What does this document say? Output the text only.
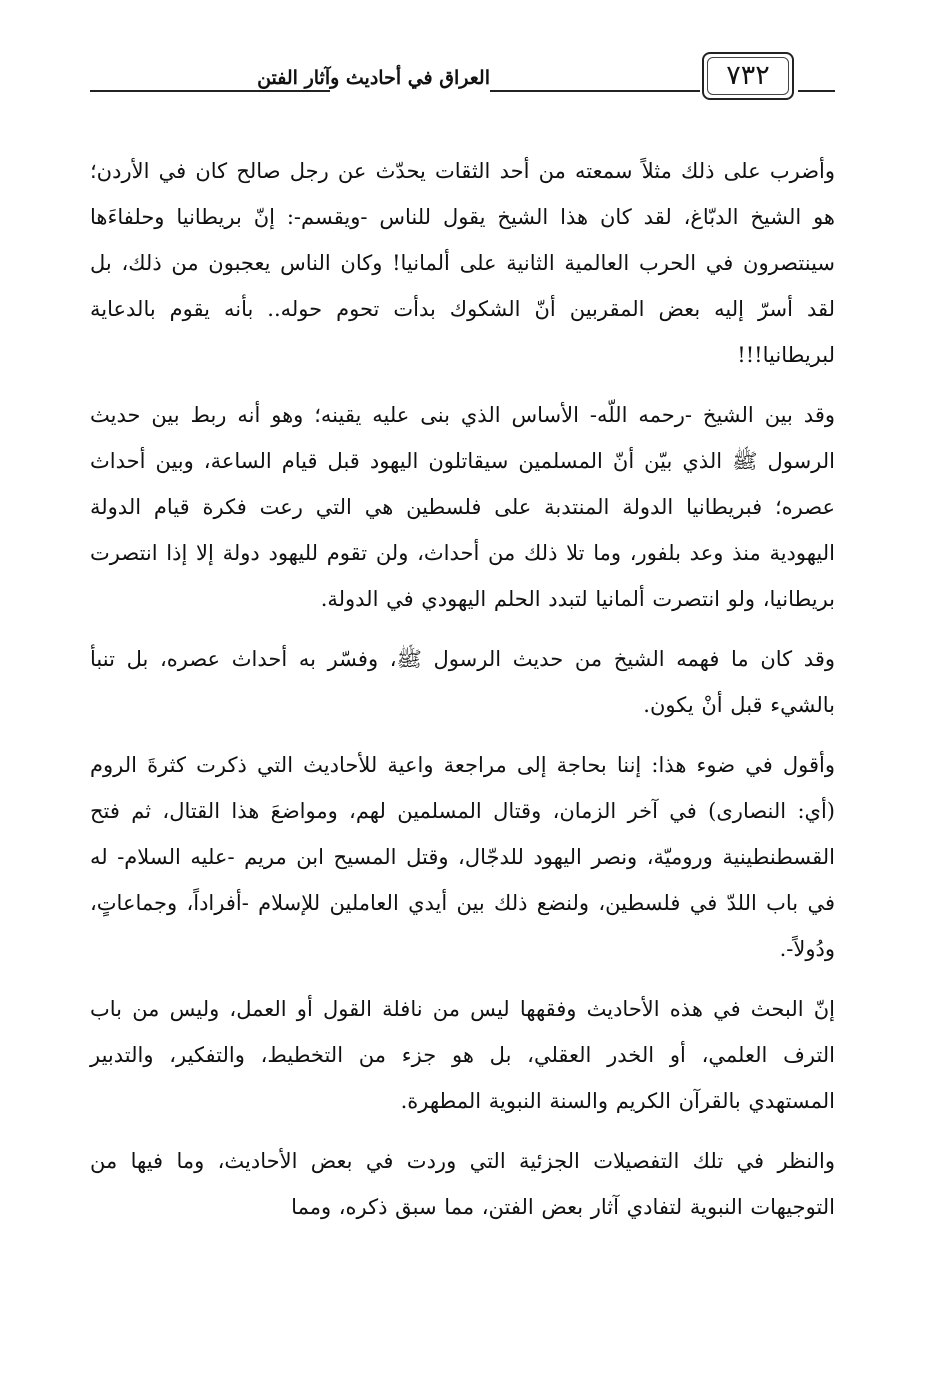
العراق في أحاديث وآثار الفتن	٧٣٢

وأضرب على ذلك مثلاً سمعته من أحد الثقات يحدّث عن رجل صالح كان في الأردن؛ هو الشيخ الدبّاغ، لقد كان هذا الشيخ يقول للناس -ويقسم-: إنّ بريطانيا وحلفاءَها سينتصرون في الحرب العالمية الثانية على ألمانيا! وكان الناس يعجبون من ذلك، بل لقد أسرّ إليه بعض المقربين أنّ الشكوك بدأت تحوم حوله.. بأنه يقوم بالدعاية لبريطانيا!!!

وقد بين الشيخ -رحمه اللّه- الأساس الذي بنى عليه يقينه؛ وهو أنه ربط بين حديث الرسول ﷺ الذي بيّن أنّ المسلمين سيقاتلون اليهود قبل قيام الساعة، وبين أحداث عصره؛ فبريطانيا الدولة المنتدبة على فلسطين هي التي رعت فكرة قيام الدولة اليهودية منذ وعد بلفور، وما تلا ذلك من أحداث، ولن تقوم لليهود دولة إلا إذا انتصرت بريطانيا، ولو انتصرت ألمانيا لتبدد الحلم اليهودي في الدولة.

وقد كان ما فهمه الشيخ من حديث الرسول ﷺ، وفسّر به أحداث عصره، بل تنبأ بالشيء قبل أنْ يكون.

وأقول في ضوء هذا: إننا بحاجة إلى مراجعة واعية للأحاديث التي ذكرت كثرةَ الروم (أي: النصارى) في آخر الزمان، وقتال المسلمين لهم، ومواضعَ هذا القتال، ثم فتح القسطنطينية وروميّة، ونصر اليهود للدجّال، وقتل المسيح ابن مريم -عليه السلام- له في باب اللدّ في فلسطين، ولنضع ذلك بين أيدي العاملين للإسلام -أفراداً، وجماعاتٍ، ودُولاً-.

إنّ البحث في هذه الأحاديث وفقهها ليس من نافلة القول أو العمل، وليس من باب الترف العلمي، أو الخدر العقلي، بل هو جزء من التخطيط، والتفكير، والتدبير المستهدي بالقرآن الكريم والسنة النبوية المطهرة.

والنظر في تلك التفصيلات الجزئية التي وردت في بعض الأحاديث، وما فيها من التوجيهات النبوية لتفادي آثار بعض الفتن، مما سبق ذكره، ومما
